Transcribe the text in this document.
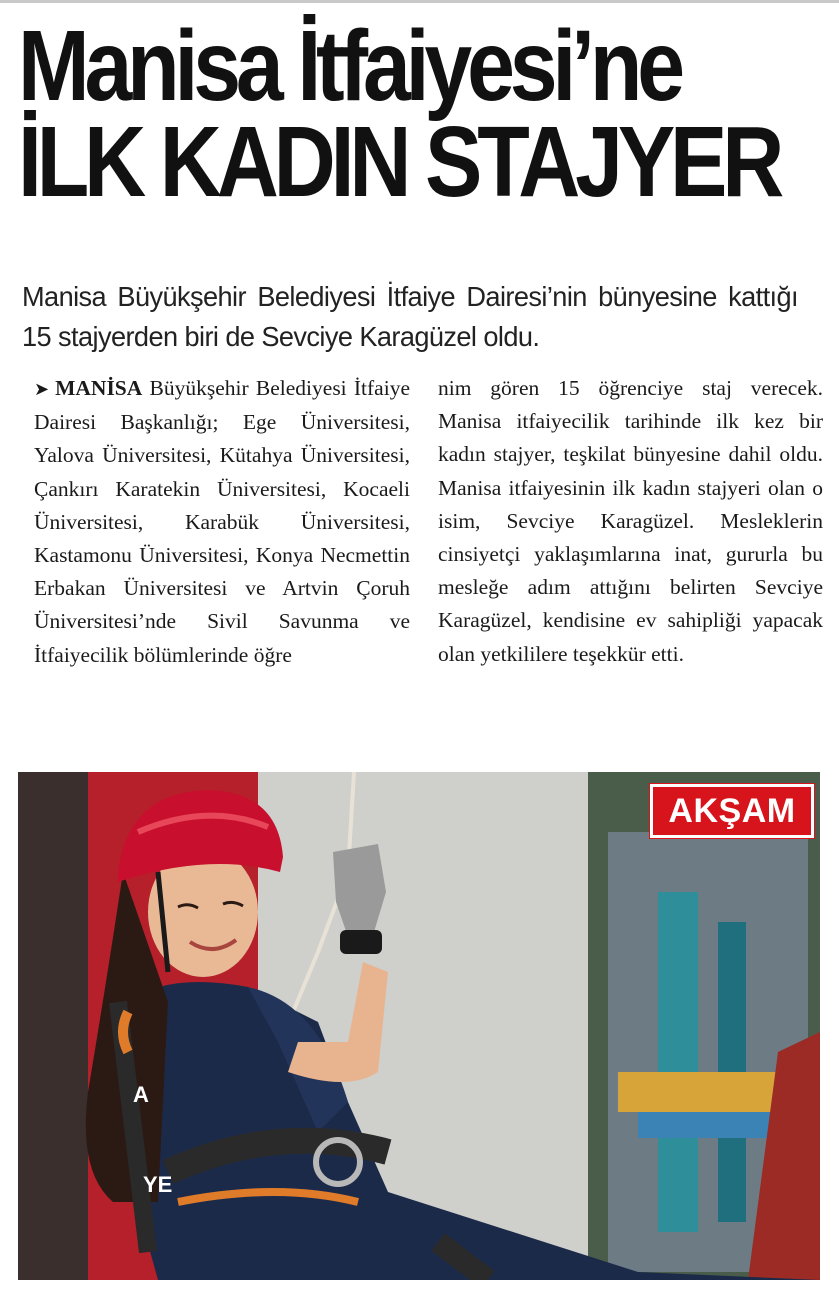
Manisa İtfaiyesi’ne
İLK KADIN STAJYER

Manisa Büyükşehir Belediyesi İtfaiye Dairesi’nin bünyesine kattığı 15 stajyerden biri de Sevciye Karagüzel oldu.

➤ MANİSA Büyükşehir Belediyesi İtfaiye Dairesi Başkanlığı; Ege Üniversitesi, Yalova Üniversitesi, Kütahya Üniversitesi, Çankırı Karatekin Üniversitesi, Kocaeli Üniversitesi, Karabük Üniversitesi, Kastamonu Üniversitesi, Konya Necmettin Erbakan Üniversitesi ve Artvin Çoruh Üniversitesi’nde Sivil Savunma ve İtfaiyecilik bölümlerinde öğre
nim gören 15 öğrenciye staj verecek. Manisa itfaiyecilik tarihinde ilk kez bir kadın stajyer, teşkilat bünyesine dahil oldu. Manisa itfaiyesinin ilk kadın stajyeri olan o isim, Sevciye Karagüzel. Mesleklerin cinsiyetçi yaklaşımlarına inat, gururla bu mesleğe adım attığını belirten Sevciye Karagüzel, kendisine ev sahipliği yapacak olan yetkililere teşekkür etti.
A
YE
AKŞAM
